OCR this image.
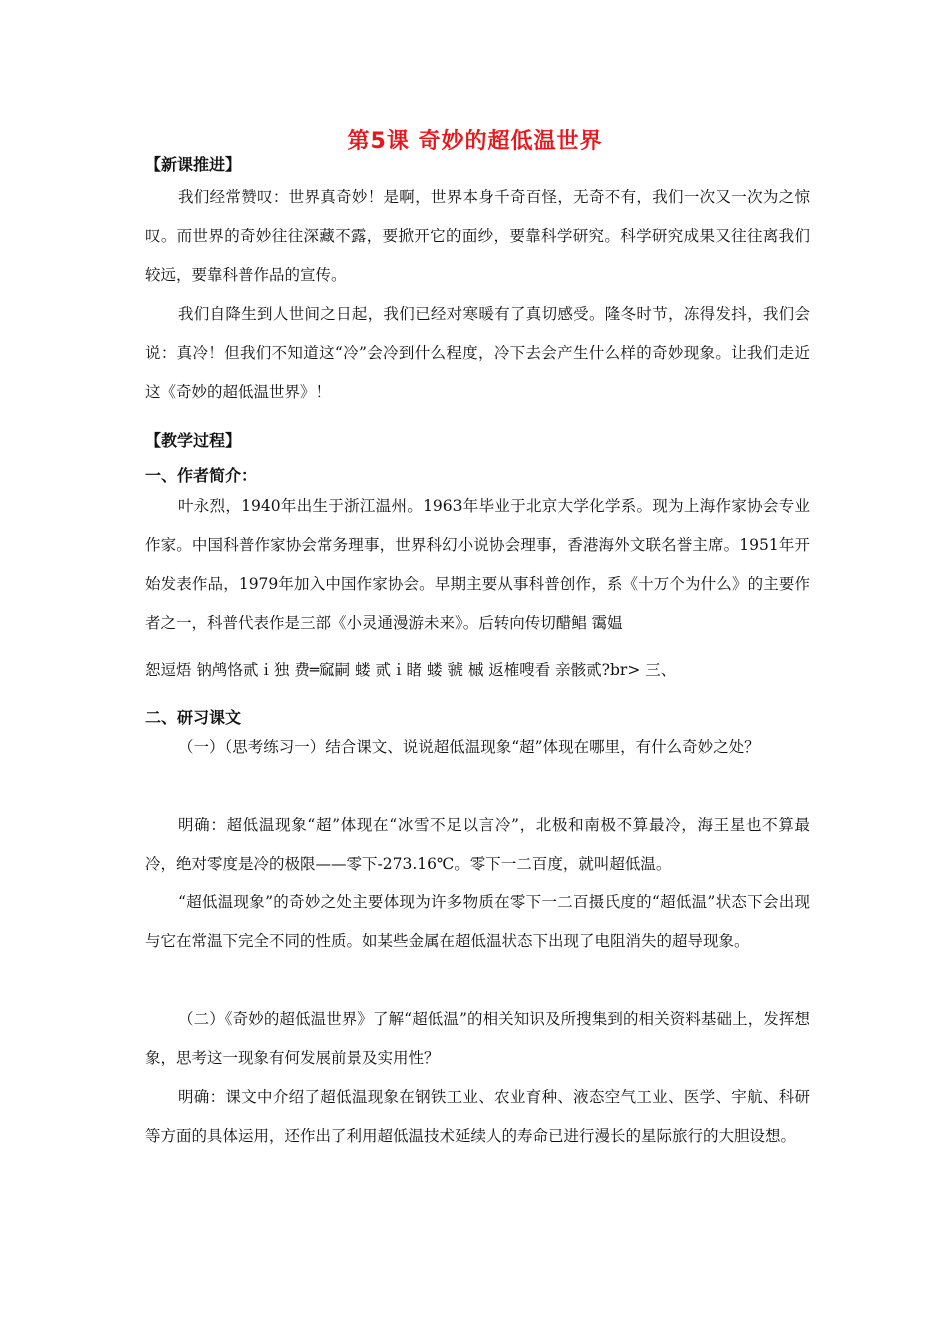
第5课 奇妙的超低温世界
【新课推进】
我们经常赞叹：世界真奇妙！是啊，世界本身千奇百怪，无奇不有，我们一次又一次为之惊叹。而世界的奇妙往往深藏不露，要掀开它的面纱，要靠科学研究。科学研究成果又往往离我们较远，要靠科普作品的宣传。
我们自降生到人世间之日起，我们已经对寒暖有了真切感受。隆冬时节，冻得发抖，我们会说：真冷！但我们不知道这“冷”会冷到什么程度，冷下去会产生什么样的奇妙现象。让我们走近这《奇妙的超低温世界》！
【教学过程】
一、作者简介：
叶永烈，1940年出生于浙江温州。1963年毕业于北京大学化学系。现为上海作家协会专业作家。中国科普作家协会常务理事，世界科幻小说协会理事，香港海外文联名誉主席。1951年开始发表作品，1979年加入中国作家协会。早期主要从事科普创作，系《十万个为什么》的主要作者之一，科普代表作是三部《小灵通漫游未来》。后转向传切醋鲳 霭媪
恕逗焐 钠鸬恪贰ｉ独 费═窳嗣 蝼 贰ｉ睹 蝼 虢 槭 返榷嗖看 亲骸贰?br> 三、
二、研习课文
（一）（思考练习一）结合课文、说说超低温现象“超”体现在哪里，有什么奇妙之处？
明确：超低温现象“超”体现在“冰雪不足以言冷”，北极和南极不算最冷，海王星也不算最冷，绝对零度是冷的极限——零下-273.16℃。零下一二百度，就叫超低温。
“超低温现象”的奇妙之处主要体现为许多物质在零下一二百摄氏度的“超低温”状态下会出现与它在常温下完全不同的性质。如某些金属在超低温状态下出现了电阻消失的超导现象。
（二）《奇妙的超低温世界》了解“超低温”的相关知识及所搜集到的相关资料基础上，发挥想象，思考这一现象有何发展前景及实用性？
明确：课文中介绍了超低温现象在钢铁工业、农业育种、液态空气工业、医学、宇航、科研等方面的具体运用，还作出了利用超低温技术延续人的寿命已进行漫长的星际旅行的大胆设想。
